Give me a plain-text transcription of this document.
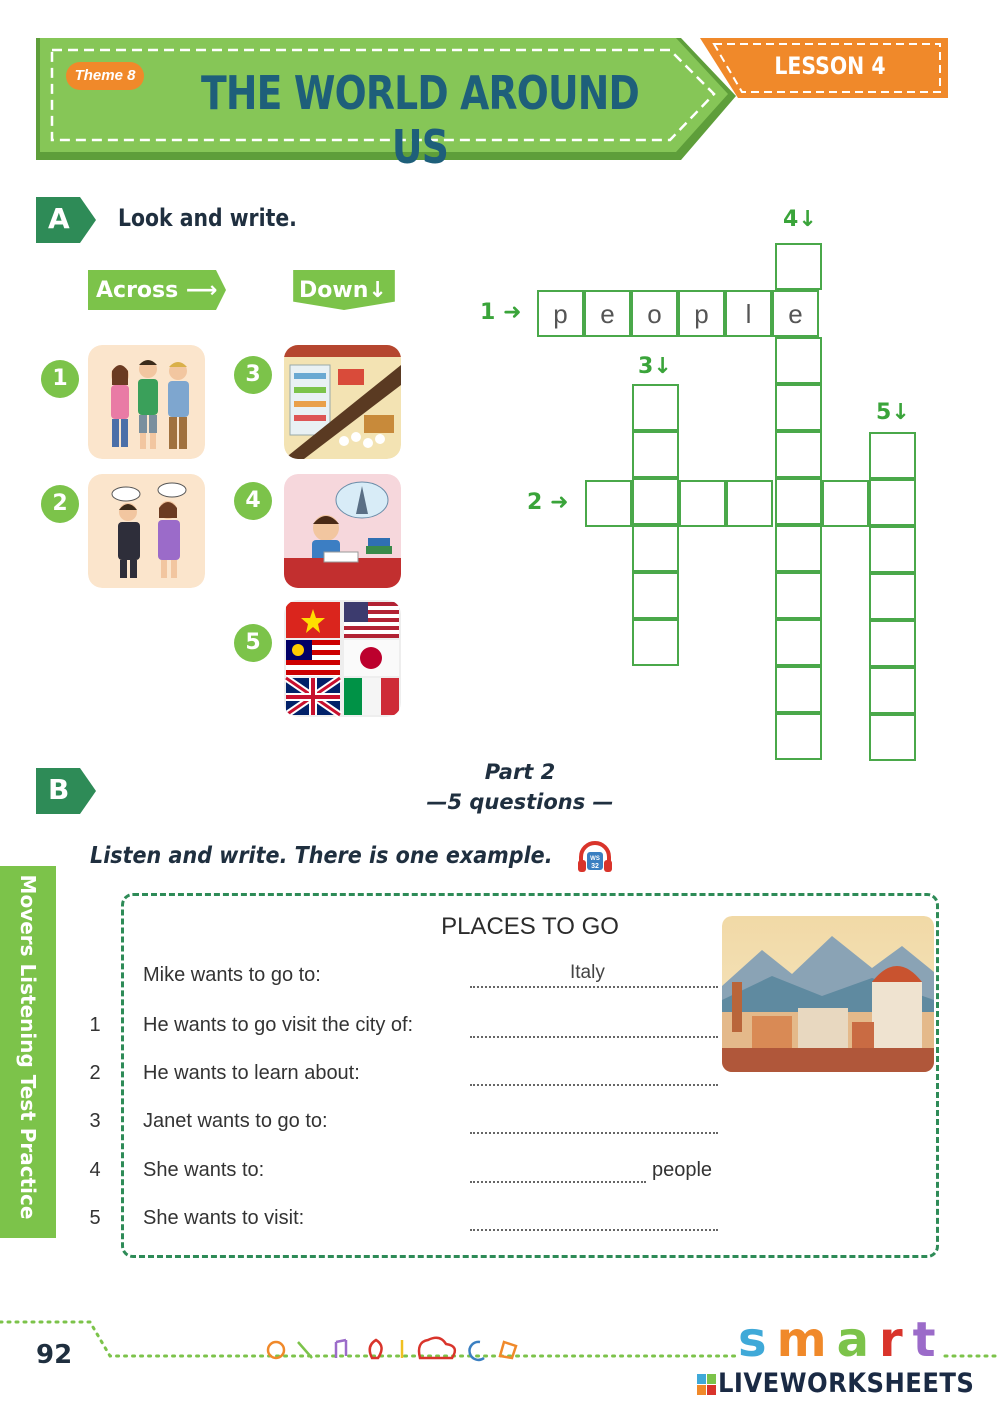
Theme 8	THE WORLD AROUND US
LESSON 4
A Look and write.
Across ⟶	Down↓
1
2
3
4
5
p	e	o	p	l	e
4↓
1 ➜
3↓
5↓
2 ➜
B
Part 2
—5 questions —
Listen and write. There is one example.	WS
32
PLACES TO GO
Mike wants to go to:	Italy
1 He wants to go visit the city of:
2 He wants to learn about:
3 Janet wants to go to:
4 She wants to:	people
5 She wants to visit:
Movers Listening Test Practice
92	smart
LIVEWORKSHEETS
